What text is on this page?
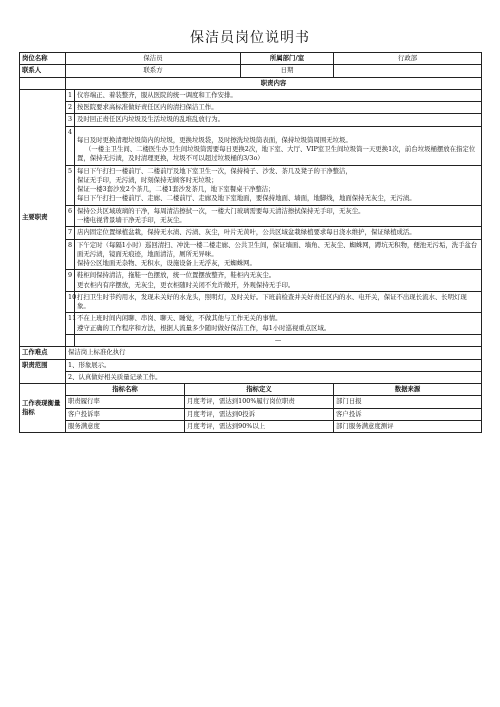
保洁员岗位说明书
岗位名称	保洁员			所属部门/室	行政部
联系人	联系方			日期	
	职责内容				
主要职责	1	仪容端正、着装整齐，服从医院的统一调度和工作安排。			

	2	按医院要求高标准做好责任区内的清扫保洁工作。			

	3	及时回正责任区内垃圾及生活垃圾的乱堆乱放行为。			

	4	每日及时更换清理垃圾筒内的垃圾，更换垃圾袋，及时擦洗垃圾筒表面，保持垃圾筒周围无垃圾。

（一楼主卫生间、二楼医生办卫生间垃圾筒需要每日更换2次，地下室、大厅、VIP室卫生间垃圾筒一天更换1次，前台垃圾桶摆放在指定位置，保持无污渍，及时清理更换，垃圾不可以超过垃圾桶的3/3o）			

	5	每日下午打扫一楼前厅、二楼前厅及地下室卫生一次，保持椅子、沙发、茶几及凳子的干净整洁，

保证无手印，无污渍，时刻保持无顾客时无垃圾；

保证一楼3套沙发2个茶几，二楼1套沙发茶几，地下室餐桌干净整洁；

每日下午打扫一楼前厅、走廊、二楼前厅、走廊及地下室地面，要保持地面、墙面，地脚线，地面保持无灰尘，无污渍。			

	6	保持公共区域玻璃的干净，每周清洁擦拭一次，一楼大门玻璃需要每天清洁擦拭保持无手印，无灰尘。

一楼电视背景墙干净无手印，无灰尘。			

	7	店内固定位置绿植盆栽，保持无水渍、污渍、灰尘，叶片无黄叶，公共区域盆栽绿植要求每日浇水维护，保证绿植成活。			

	8	下午定时（每隔1小时）巡回清扫、冲洗一楼二楼走廊、公共卫生间，保证墙面、墙角、无灰尘、蜘蛛网，蹲坑无积物，便池无污垢，洗手盆台面无污渍，镜面无痕迹，地面清洁，厕所无异味。

保持公区地面无杂物、无积水，设施设备上无浮灰，无蜘蛛网。			

	9	鞋柜间保持清洁，拖鞋一色摆放，统一位置摆放整齐，鞋柜内无灰尘。

更衣柜内有序摆放，无灰尘，更衣柜随时关闭不允许敞开，外观保持无手印。			

	10	打扫卫生时节约用水，发现未关好的水龙头，照明灯，及时关好。下班前检查并关好责任区内的水、电开关，保证不出现长流水、长明灯现象。			

	11	不在上班时间内闲聊、串岗、聊天、睡觉，不做其他与工作无关的事情。

遵守正确的工作程序和方法，根据人流量多少随时做好保洁工作，每1小时巡视重点区域。			

		—			
工作难点	保洁岗上标准化执行				
职责范围	1、形象展示。				
	2、认真做好相关质量记录工作。				
工作表现衡量指标	指标名称		指标定义		数据来源
	职责履行率		月度考评，需达到100%履行岗位职责		部门日报
	客户投诉率		月度考评，需达到0投诉		客户投诉
	服务满意度		月度考评，需达到90%以上		部门服务满意度测评
